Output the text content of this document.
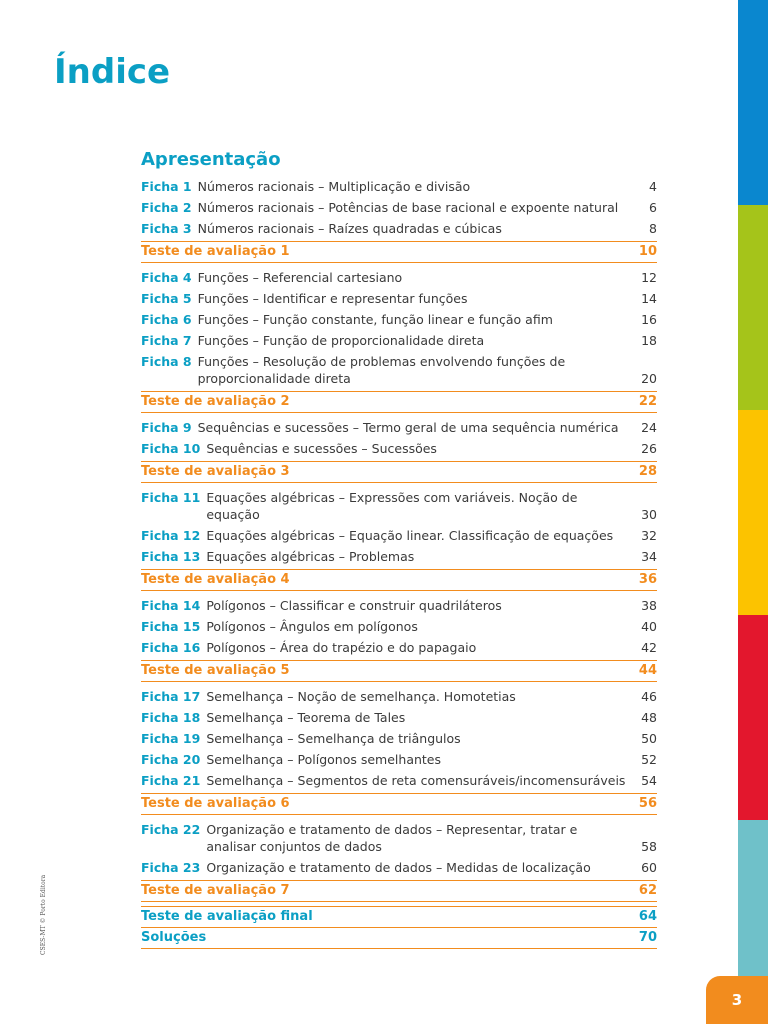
Índice
Apresentação
Ficha 1 Números racionais – Multiplicação e divisão	4
Ficha 2 Números racionais – Potências de base racional e expoente natural	6
Ficha 3 Números racionais – Raízes quadradas e cúbicas	8
Teste de avaliação 1	10
Ficha 4 Funções – Referencial cartesiano	12
Ficha 5 Funções – Identificar e representar funções	14
Ficha 6 Funções – Função constante, função linear e função afim	16
Ficha 7 Funções – Função de proporcionalidade direta	18
Ficha 8 Funções – Resolução de problemas envolvendo funções de proporcionalidade direta	20
Teste de avaliação 2	22
Ficha 9 Sequências e sucessões – Termo geral de uma sequência numérica	24
Ficha 10 Sequências e sucessões – Sucessões	26
Teste de avaliação 3	28
Ficha 11 Equações algébricas – Expressões com variáveis. Noção de equação	30
Ficha 12 Equações algébricas – Equação linear. Classificação de equações	32
Ficha 13 Equações algébricas – Problemas	34
Teste de avaliação 4	36
Ficha 14 Polígonos – Classificar e construir quadriláteros	38
Ficha 15 Polígonos – Ângulos em polígonos	40
Ficha 16 Polígonos – Área do trapézio e do papagaio	42
Teste de avaliação 5	44
Ficha 17 Semelhança – Noção de semelhança. Homotetias	46
Ficha 18 Semelhança – Teorema de Tales	48
Ficha 19 Semelhança – Semelhança de triângulos	50
Ficha 20 Semelhança – Polígonos semelhantes	52
Ficha 21 Semelhança – Segmentos de reta comensuráveis/incomensuráveis	54
Teste de avaliação 6	56
Ficha 22 Organização e tratamento de dados – Representar, tratar e analisar conjuntos de dados	58
Ficha 23 Organização e tratamento de dados – Medidas de localização	60
Teste de avaliação 7	62
Teste de avaliação final	64
Soluções	70
CSES-MT © Porto Editora
3
